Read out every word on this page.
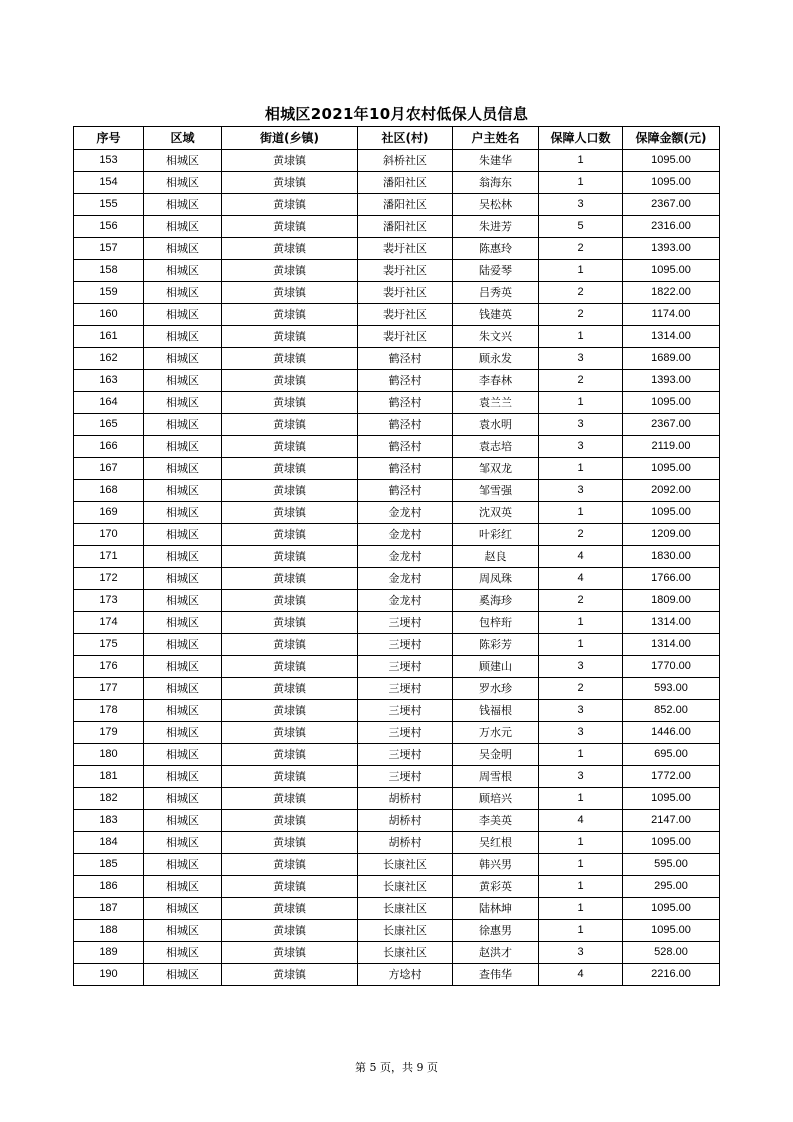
相城区2021年10月农村低保人员信息
序号	区域	街道(乡镇)	社区(村)	户主姓名	保障人口数	保障金额(元)
153	相城区	黄埭镇	斜桥社区	朱建华	1	1095.00
154	相城区	黄埭镇	潘阳社区	翁海东	1	1095.00
155	相城区	黄埭镇	潘阳社区	吴松林	3	2367.00
156	相城区	黄埭镇	潘阳社区	朱进芳	5	2316.00
157	相城区	黄埭镇	裴圩社区	陈惠玲	2	1393.00
158	相城区	黄埭镇	裴圩社区	陆爱琴	1	1095.00
159	相城区	黄埭镇	裴圩社区	吕秀英	2	1822.00
160	相城区	黄埭镇	裴圩社区	钱建英	2	1174.00
161	相城区	黄埭镇	裴圩社区	朱文兴	1	1314.00
162	相城区	黄埭镇	鹤泾村	顾永发	3	1689.00
163	相城区	黄埭镇	鹤泾村	李春林	2	1393.00
164	相城区	黄埭镇	鹤泾村	袁兰兰	1	1095.00
165	相城区	黄埭镇	鹤泾村	袁水明	3	2367.00
166	相城区	黄埭镇	鹤泾村	袁志培	3	2119.00
167	相城区	黄埭镇	鹤泾村	邹双龙	1	1095.00
168	相城区	黄埭镇	鹤泾村	邹雪强	3	2092.00
169	相城区	黄埭镇	金龙村	沈双英	1	1095.00
170	相城区	黄埭镇	金龙村	叶彩红	2	1209.00
171	相城区	黄埭镇	金龙村	赵良	4	1830.00
172	相城区	黄埭镇	金龙村	周凤珠	4	1766.00
173	相城区	黄埭镇	金龙村	奚海珍	2	1809.00
174	相城区	黄埭镇	三埂村	包梓珩	1	1314.00
175	相城区	黄埭镇	三埂村	陈彩芳	1	1314.00
176	相城区	黄埭镇	三埂村	顾建山	3	1770.00
177	相城区	黄埭镇	三埂村	罗水珍	2	593.00
178	相城区	黄埭镇	三埂村	钱福根	3	852.00
179	相城区	黄埭镇	三埂村	万水元	3	1446.00
180	相城区	黄埭镇	三埂村	吴金明	1	695.00
181	相城区	黄埭镇	三埂村	周雪根	3	1772.00
182	相城区	黄埭镇	胡桥村	顾培兴	1	1095.00
183	相城区	黄埭镇	胡桥村	李美英	4	2147.00
184	相城区	黄埭镇	胡桥村	吴红根	1	1095.00
185	相城区	黄埭镇	长康社区	韩兴男	1	595.00
186	相城区	黄埭镇	长康社区	黄彩英	1	295.00
187	相城区	黄埭镇	长康社区	陆林坤	1	1095.00
188	相城区	黄埭镇	长康社区	徐惠男	1	1095.00
189	相城区	黄埭镇	长康社区	赵洪才	3	528.00
190	相城区	黄埭镇	方埝村	查伟华	4	2216.00
第 5 页，共 9 页
